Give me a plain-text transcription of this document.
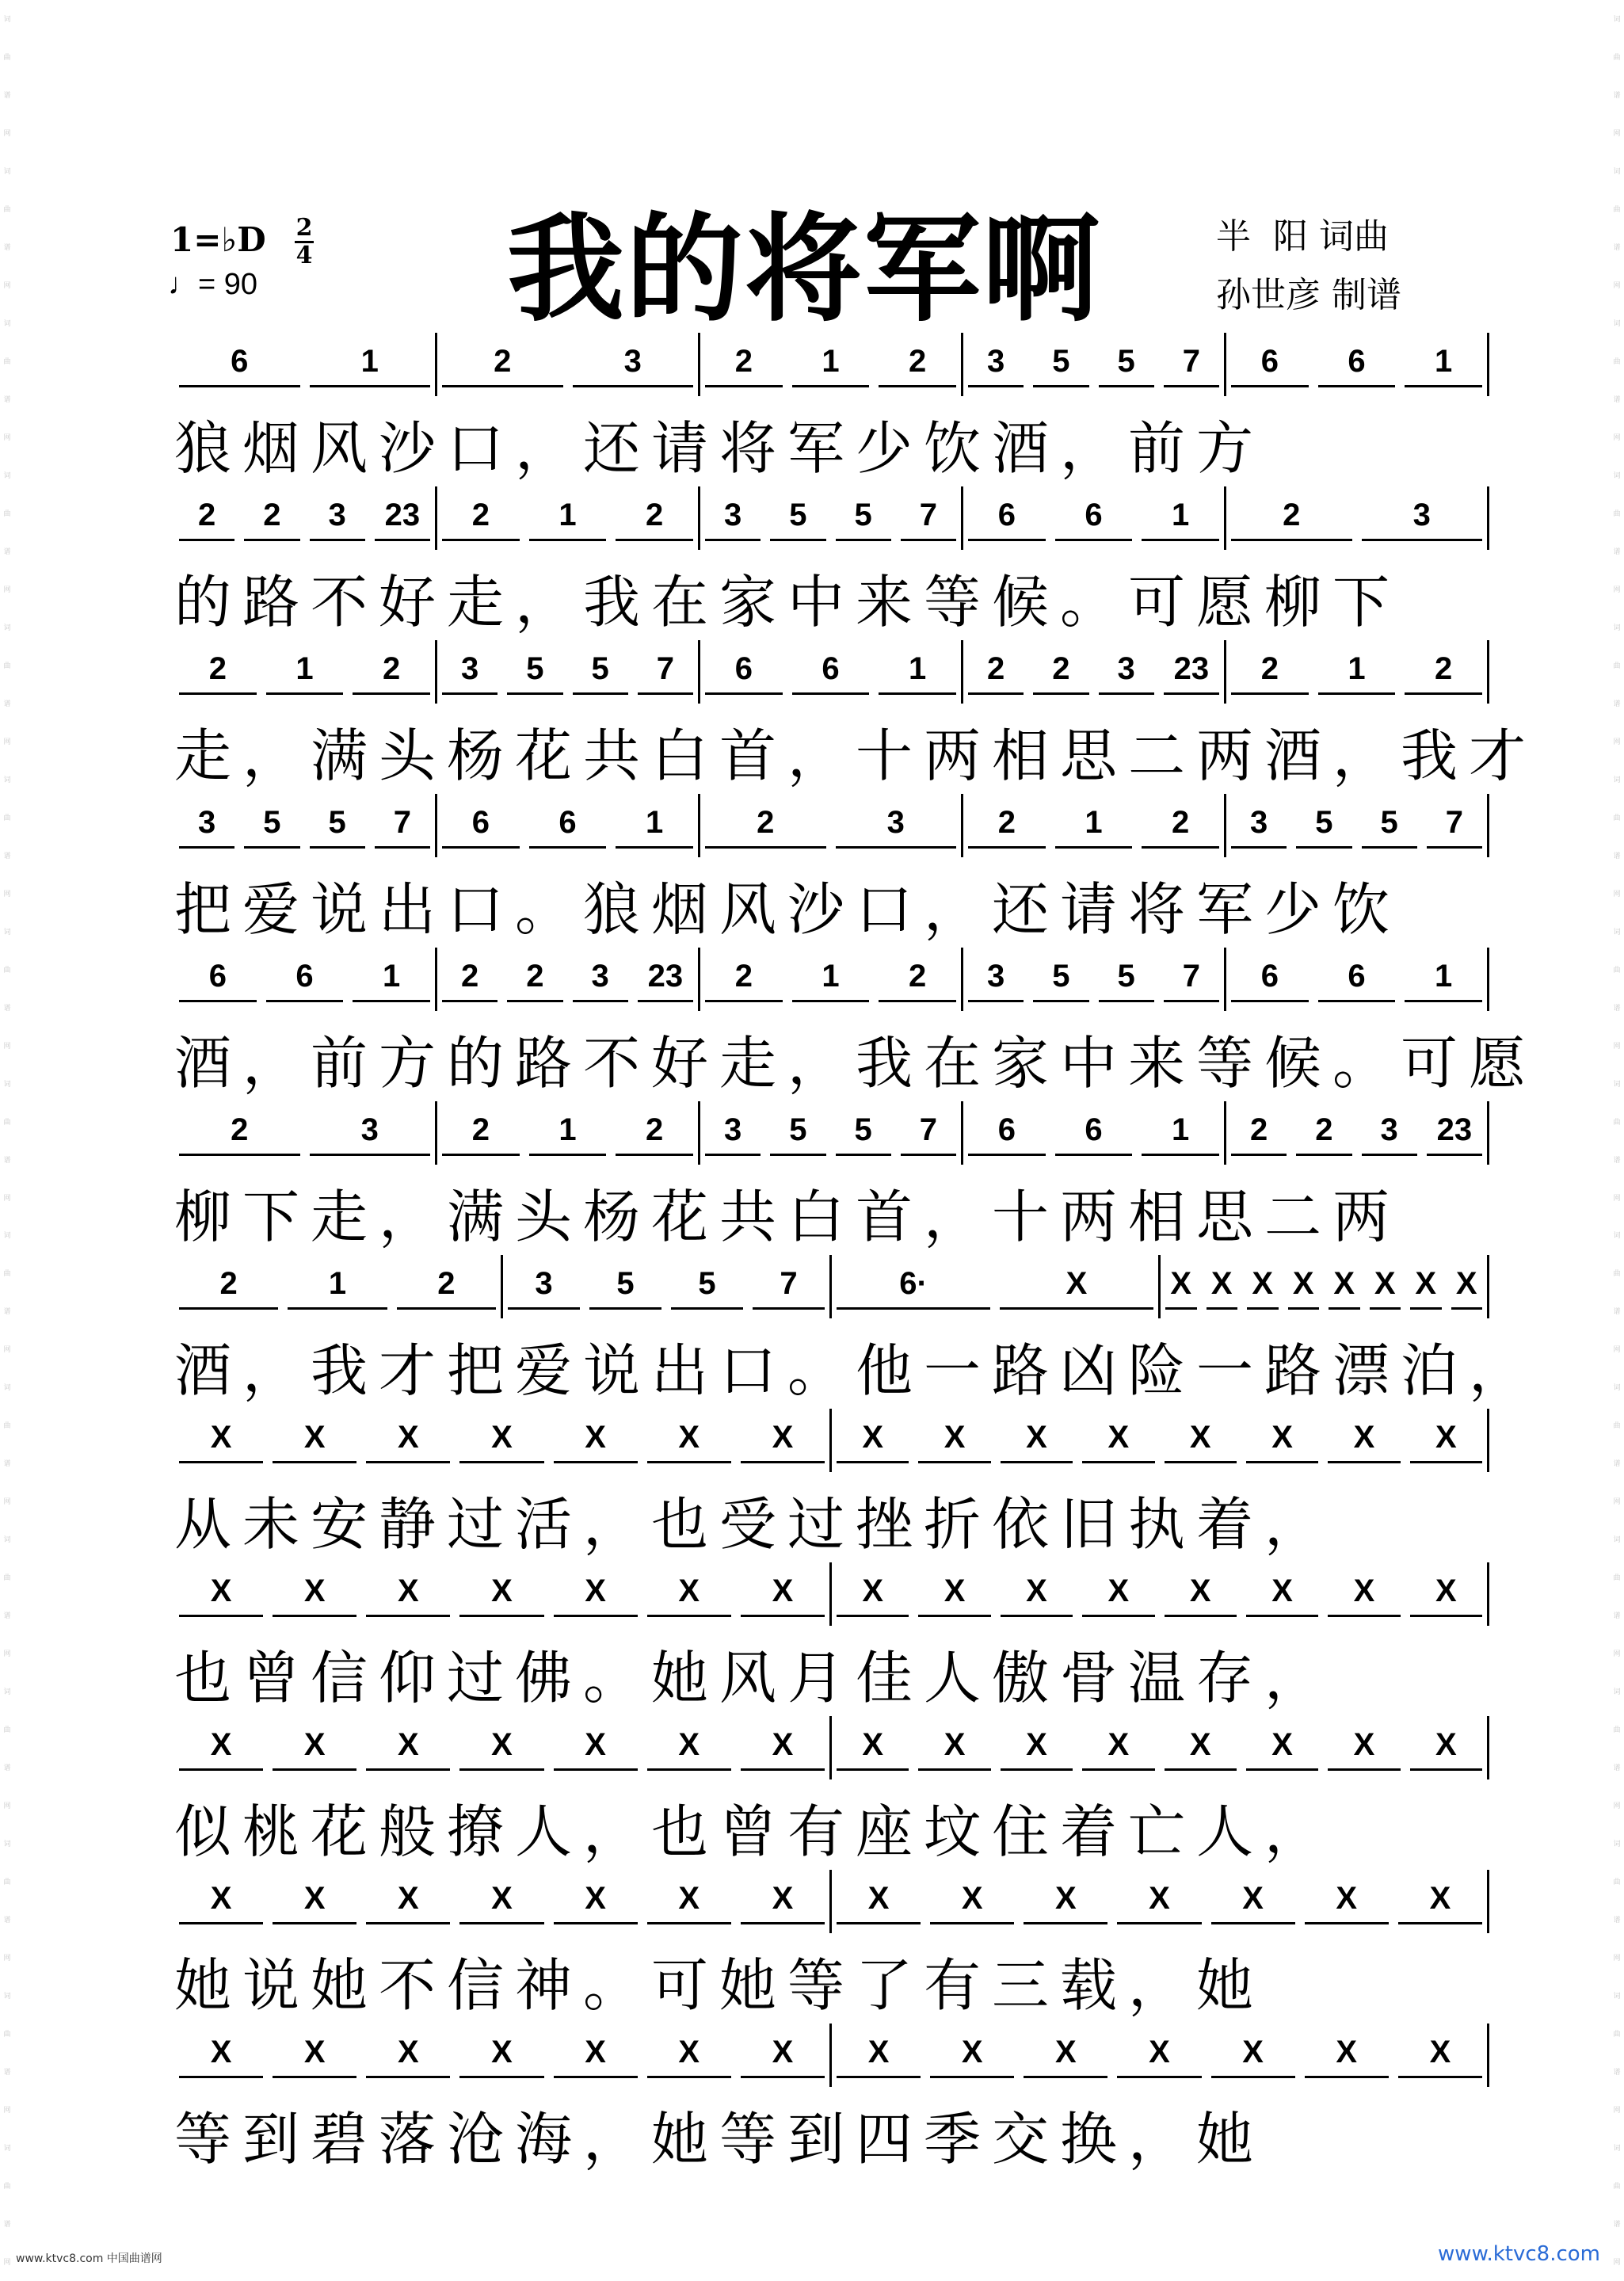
词
曲
谱
网
词
曲
谱
网
词
曲
谱
网
词
曲
谱
网
词
曲
谱
网
词
曲
谱
网
词
曲
谱
网
词
曲
谱
网
词
曲
谱
网
词
曲
谱
网
词
曲
谱
网
词
曲
谱
网
词
曲
谱
网
词
曲
谱
网
词
曲
谱
网
词
曲
谱
网
词
曲
谱
网
词
曲
谱
网
词
曲
谱
网
词
曲
谱
网
词
曲
谱
网
词
曲
谱
网
词
曲
谱
网
词
曲
谱
网
词
曲
谱
网
词
曲
谱
网
词
曲
谱
网
词
曲
谱
网
词
曲
谱
网
词
曲
谱
网
1=♭D 2
4
♩= 90 我的将军啊	半  阳 词曲
孙世彦 制谱
6	1	2	3	2	1	2	3	5	5	7	6	6	1
狼烟风沙口，还请将军少饮酒，前方
2	2	3	23	2	1	2	3	5	5	7	6	6	1	2	3
的路不好走，我在家中来等候。可愿柳下
2	1	2	3	5	5	7	6	6	1	2	2	3	23	2	1	2
走，满头杨花共白首，十两相思二两酒，我才
3	5	5	7	6	6	1	2	3	2	1	2	3	5	5	7
把爱说出口。狼烟风沙口，还请将军少饮
6	6	1	2	2	3	23	2	1	2	3	5	5	7	6	6	1
酒，前方的路不好走，我在家中来等候。可愿
2	3	2	1	2	3	5	5	7	6	6	1	2	2	3	23
柳下走，满头杨花共白首，十两相思二两
2	1	2	3	5	5	7	6·	X	X X X X X X X X
酒，我才把爱说出口。他一路凶险一路漂泊，
X	X	X	X	X	X	X	X	X	X	X	X	X	X	X
从未安静过活，也受过挫折依旧执着，
X	X	X	X	X	X	X	X	X	X	X	X	X	X	X
也曾信仰过佛。她风月佳人傲骨温存，
X	X	X	X	X	X	X	X	X	X	X	X	X	X	X
似桃花般撩人，也曾有座坟住着亡人，
X	X	X	X	X	X	X	X	X	X	X	X	X	X
她说她不信神。可她等了有三载，她
X	X	X	X	X	X	X	X	X	X	X	X	X	X
等到碧落沧海，她等到四季交换，她
www.ktvc8.com 中国曲谱网	www.ktvc8.com
